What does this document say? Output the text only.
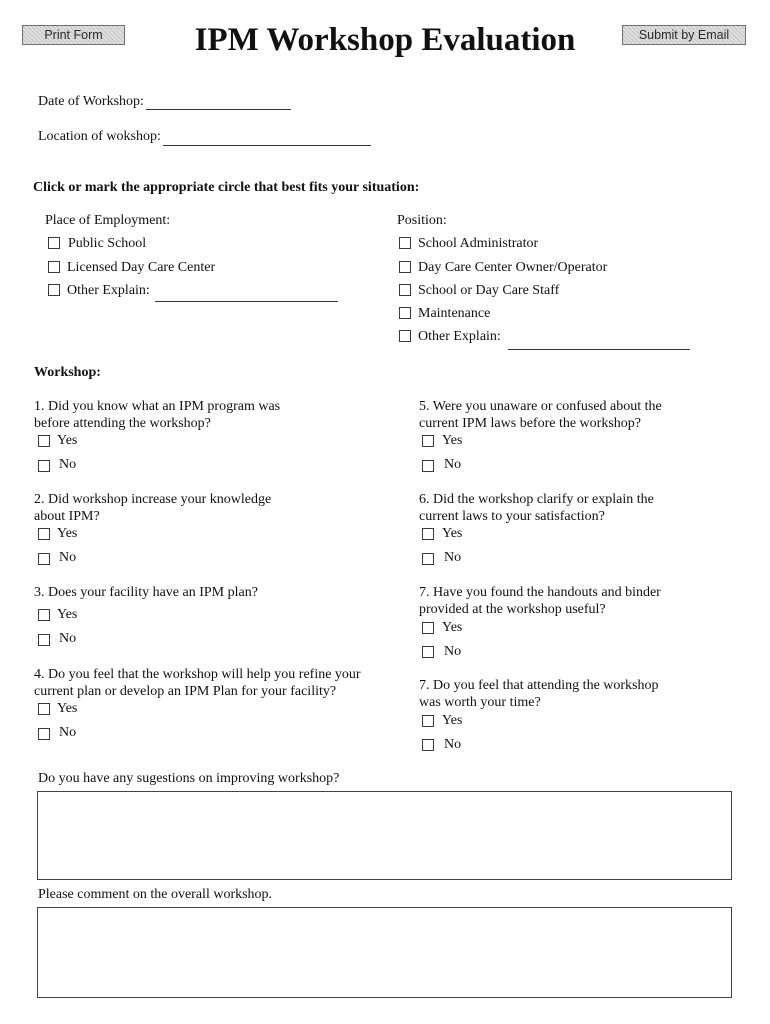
Print Form	Submit by Email
IPM Workshop Evaluation
Date of Workshop:
Location of wokshop:
Click or mark the appropriate circle that best fits your situation:
Place of Employment:
Public School
Licensed Day Care Center
Other Explain:
Position:
School Administrator
Day Care Center Owner/Operator
School or Day Care Staff
Maintenance
Other Explain:
Workshop:
1. Did you know what an IPM program was
before attending the workshop?
Yes
No
2. Did workshop increase your knowledge
about IPM?
Yes
No
3. Does your facility have an IPM plan?
Yes
No
4. Do you feel that the workshop will help you refine your
current plan or develop an IPM Plan for your facility?
Yes
No
5. Were you unaware or confused about the
current IPM laws before the workshop?
Yes
No
6. Did the workshop clarify or explain the
current laws to your satisfaction?
Yes
No
7. Have you found the handouts and binder
provided at the workshop useful?
Yes
No
7. Do you feel that attending the workshop
was worth your time?
Yes
No
Do you have any sugestions on improving workshop?
Please comment on the overall workshop.
